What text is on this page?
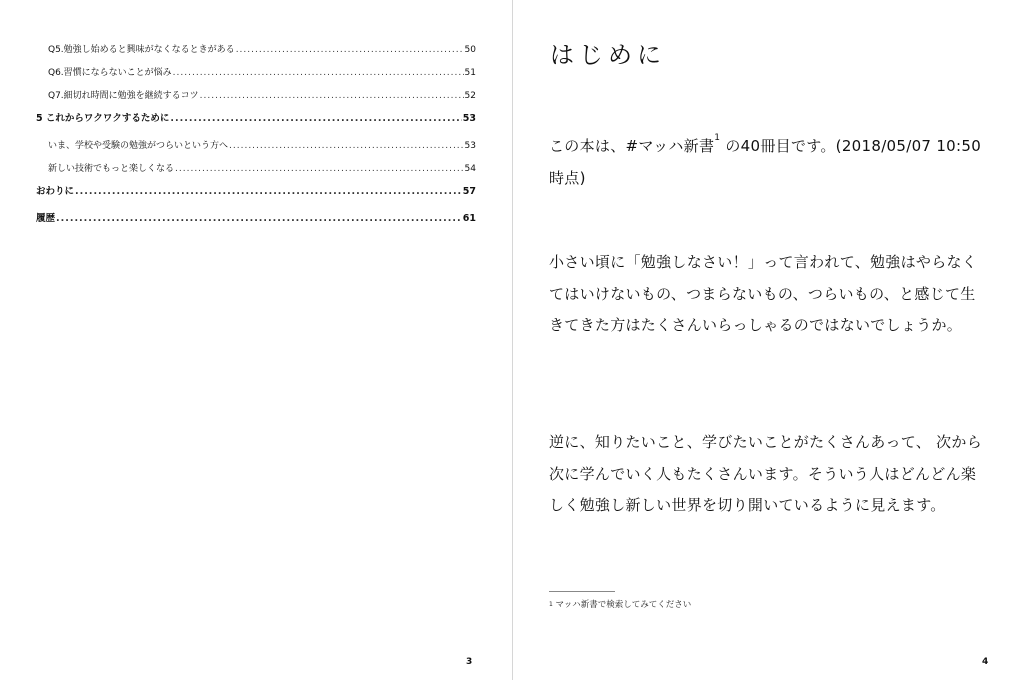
Q5.勉強し始めると興味がなくなるときがある .....	50
Q6.習慣にならないことが悩み .....	51
Q7.細切れ時間に勉強を継続するコツ .....	52
5 これからワクワクするために .....	53
いま、学校や受験の勉強がつらいという方へ .....	53
新しい技術でもっと楽しくなる .....	54
おわりに .....	57
履歴 .....	61
3
はじめに

この本は、#マッハ新書$^1$ の40冊目です。(2018/05/07 10:50時点)

小さい頃に「勉強しなさい！」って言われて、勉強はやらなくてはいけないもの、つまらないもの、つらいもの、と感じて生きてきた方はたくさんいらっしゃるのではないでしょうか。

逆に、知りたいこと、学びたいことがたくさんあって、 次から次に学んでいく人もたくさんいます。そういう人はどんどん楽しく勉強し新しい世界を切り開いているように見えます。

$^1$ マッハ新書で検索してみてください
4
